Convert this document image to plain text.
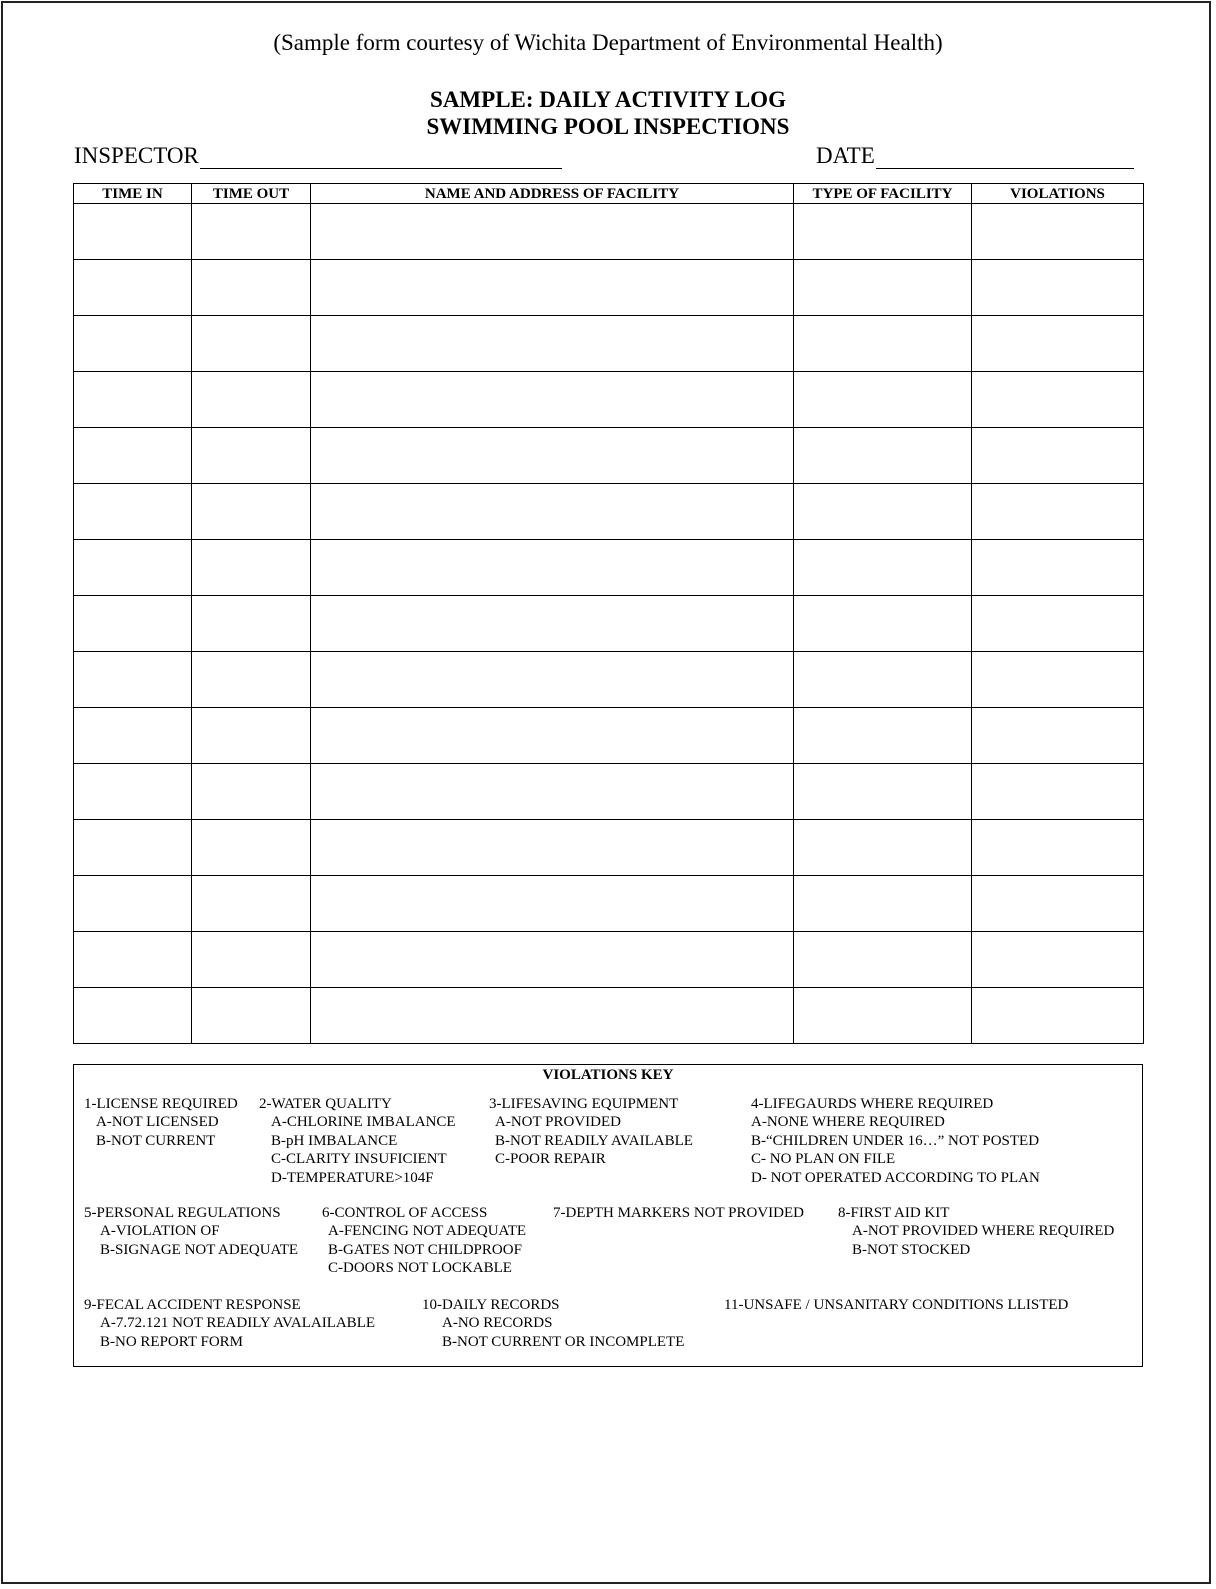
(Sample form courtesy of Wichita Department of Environmental Health)
SAMPLE: DAILY ACTIVITY LOG
SWIMMING POOL INSPECTIONS
INSPECTOR	DATE
TIME IN	TIME OUT	NAME AND ADDRESS OF FACILITY	TYPE OF FACILITY	VIOLATIONS

VIOLATIONS KEY
1-LICENSE REQUIRED
A-NOT LICENSED
B-NOT CURRENT
2-WATER QUALITY
A-CHLORINE IMBALANCE
B-pH IMBALANCE
C-CLARITY INSUFICIENT
D-TEMPERATURE>104F
3-LIFESAVING EQUIPMENT
A-NOT PROVIDED
B-NOT READILY AVAILABLE
C-POOR REPAIR
4-LIFEGAURDS WHERE REQUIRED
A-NONE WHERE REQUIRED
B-“CHILDREN UNDER 16…” NOT POSTED
C- NO PLAN ON FILE
D- NOT OPERATED ACCORDING TO PLAN
5-PERSONAL REGULATIONS
A-VIOLATION OF
B-SIGNAGE NOT ADEQUATE
6-CONTROL OF ACCESS
A-FENCING NOT ADEQUATE
B-GATES NOT CHILDPROOF
C-DOORS NOT LOCKABLE
7-DEPTH MARKERS NOT PROVIDED 8-FIRST AID KIT
A-NOT PROVIDED WHERE REQUIRED
B-NOT STOCKED
9-FECAL ACCIDENT RESPONSE
A-7.72.121 NOT READILY AVALAILABLE
B-NO REPORT FORM
10-DAILY RECORDS
A-NO RECORDS
B-NOT CURRENT OR INCOMPLETE
11-UNSAFE / UNSANITARY CONDITIONS LLISTED
